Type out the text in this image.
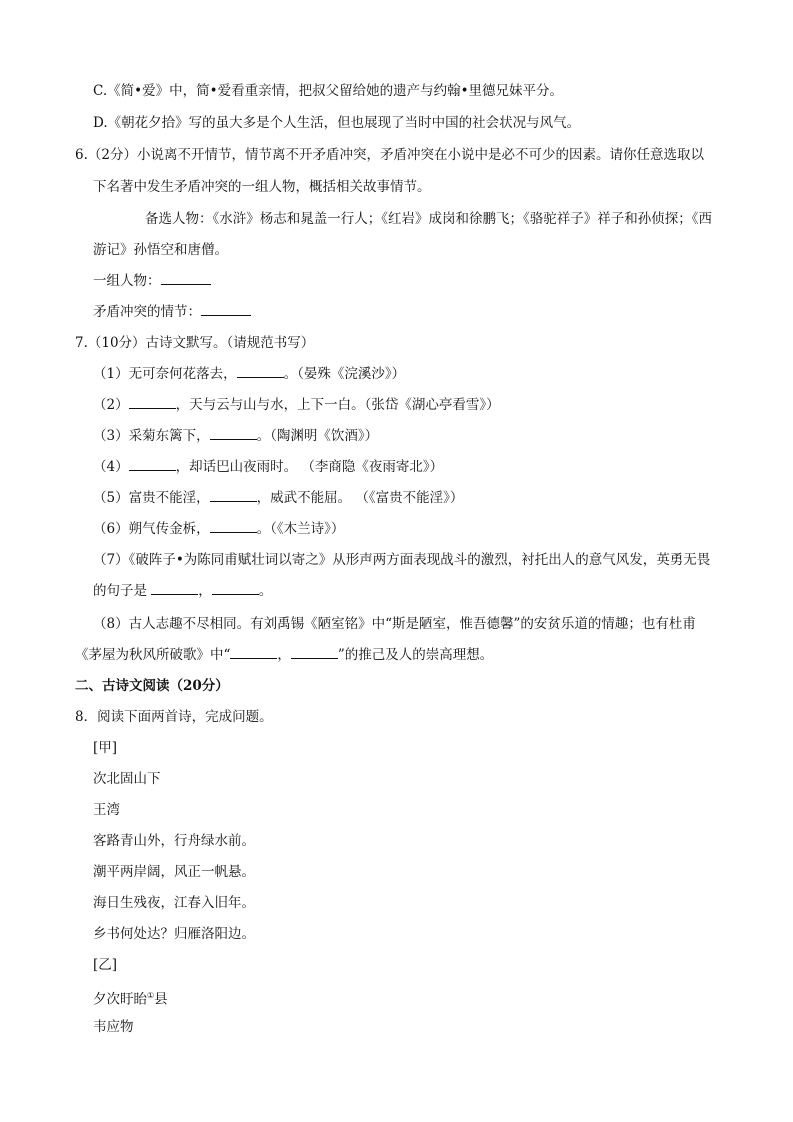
C.《简•爱》中，简•爱看重亲情，把叔父留给她的遗产与约翰•里德兄妹平分。
D.《朝花夕拾》写的虽大多是个人生活，但也展现了当时中国的社会状况与风气。
6.（2分）小说离不开情节，情节离不开矛盾冲突，矛盾冲突在小说中是必不可少的因素。请你任意选取以
下名著中发生矛盾冲突的一组人物，概括相关故事情节。
备选人物：《水浒》杨志和晁盖一行人；《红岩》成岗和徐鹏飞；《骆驼祥子》祥子和孙侦探；《西
游记》孙悟空和唐僧。
一组人物：
矛盾冲突的情节：
7.（10分）古诗文默写。（请规范书写）
（1）无可奈何花落去，	。（晏殊《浣溪沙》）
（2）	，天与云与山与水，上下一白。（张岱《湖心亭看雪》）
（3）采菊东篱下，	。（陶渊明《饮酒》）
（4）	，却话巴山夜雨时。 （李商隐《夜雨寄北》）
（5）富贵不能淫，	，威武不能屈。 （《富贵不能淫》）
（6）朔气传金柝，	。（《木兰诗》）
（7）《破阵子•为陈同甫赋壮词以寄之》从形声两方面表现战斗的激烈，衬托出人的意气风发，英勇无畏
的句子是	，	。
（8）古人志趣不尽相同。有刘禹锡《陋室铭》中“斯是陋室，惟吾德馨”的安贫乐道的情趣；也有杜甫
《茅屋为秋风所破歌》中“	，	”的推己及人的崇高理想。
二、古诗文阅读（20分）
8．阅读下面两首诗，完成问题。
[甲]
次北固山下
王湾
客路青山外，行舟绿水前。
潮平两岸阔，风正一帆悬。
海日生残夜，江春入旧年。
乡书何处达？归雁洛阳边。
[乙]
夕次盱眙①县
韦应物
